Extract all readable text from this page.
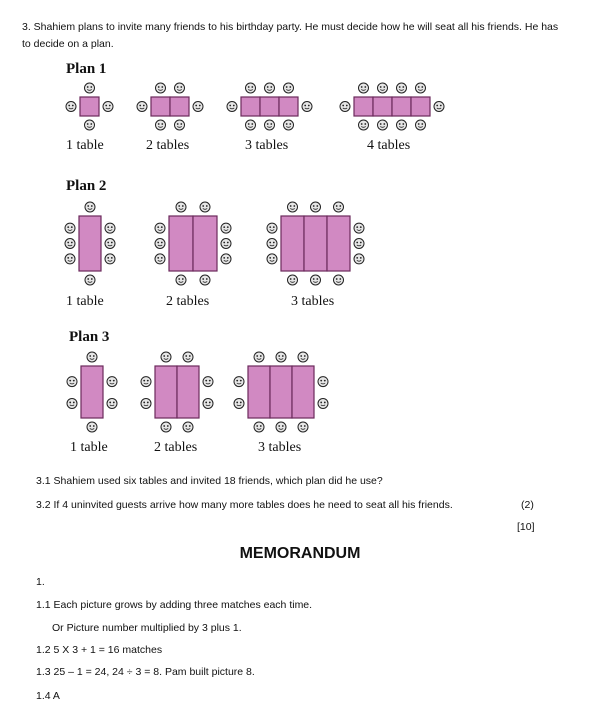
3. Shahiem plans to invite many friends to his birthday party. He must decide how he will seat all his friends. He has
to decide on a plan.
Plan 1
Plan 2
Plan 3
1 table	2 tables	3 tables	4 tables
1 table	2 tables	3 tables
1 table	2 tables	3 tables
3.1 Shahiem used six tables and invited 18 friends, which plan did he use?
3.2 If 4 uninvited guests arrive how many more tables does he need to seat all his friends.	(2)
[10]
MEMORANDUM
1.
1.1 Each picture grows by adding three matches each time.
Or Picture number multiplied by 3 plus 1.
1.2 5 X 3 + 1 = 16 matches
1.3 25 – 1 = 24, 24 ÷ 3 = 8. Pam built picture 8.
1.4 A
